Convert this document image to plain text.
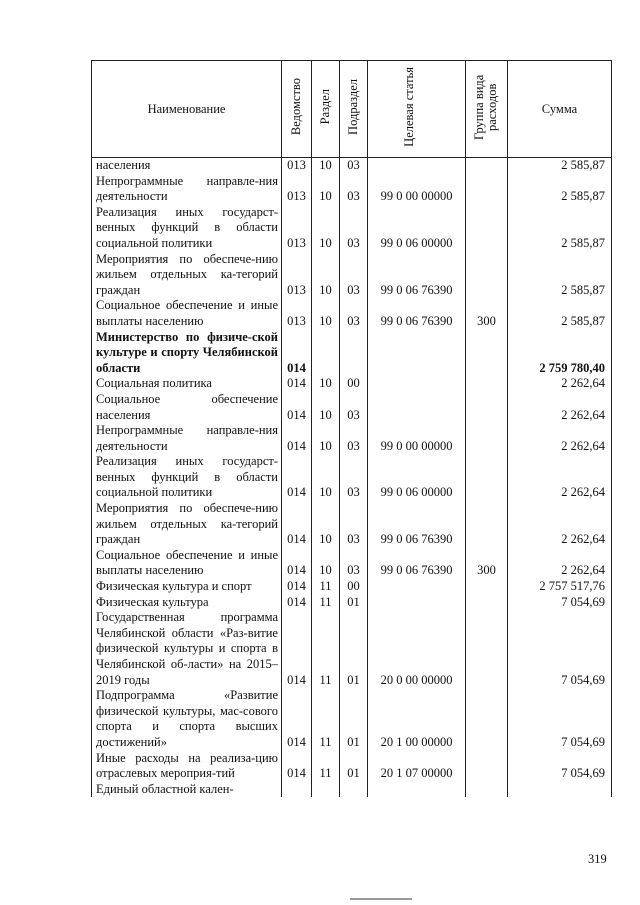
Наименование	Ведомство	Раздел	Подраздел	Целевая статья	Группа вида расходов	Сумма
населения	013	10	03			2 585,87
Непрограммные направле-ния деятельности	013	10	03	99 0 00 00000		2 585,87
Реализация иных государст-венных функций в области социальной политики	013	10	03	99 0 06 00000		2 585,87
Мероприятия по обеспече-нию жильем отдельных ка-тегорий граждан	013	10	03	99 0 06 76390		2 585,87
Социальное обеспечение и иные выплаты населению	013	10	03	99 0 06 76390	300	2 585,87
Министерство по физиче-ской культуре и спорту Челябинской области	014					2 759 780,40
Социальная политика	014	10	00			2 262,64
Социальное обеспечение населения	014	10	03			2 262,64
Непрограммные направле-ния деятельности	014	10	03	99 0 00 00000		2 262,64
Реализация иных государст-венных функций в области социальной политики	014	10	03	99 0 06 00000		2 262,64
Мероприятия по обеспече-нию жильем отдельных ка-тегорий граждан	014	10	03	99 0 06 76390		2 262,64
Социальное обеспечение и иные выплаты населению	014	10	03	99 0 06 76390	300	2 262,64
Физическая культура и спорт	014	11	00			2 757 517,76
Физическая культура	014	11	01			7 054,69
Государственная программа Челябинской области «Раз-витие физической культуры и спорта в Челябинской об-ласти» на 2015–2019 годы	014	11	01	20 0 00 00000		7 054,69
Подпрограмма «Развитие физической культуры, мас-сового спорта и спорта высших достижений»	014	11	01	20 1 00 00000		7 054,69
Иные расходы на реализа-цию отраслевых мероприя-тий	014	11	01	20 1 07 00000		7 054,69
Единый областной кален-						
319
